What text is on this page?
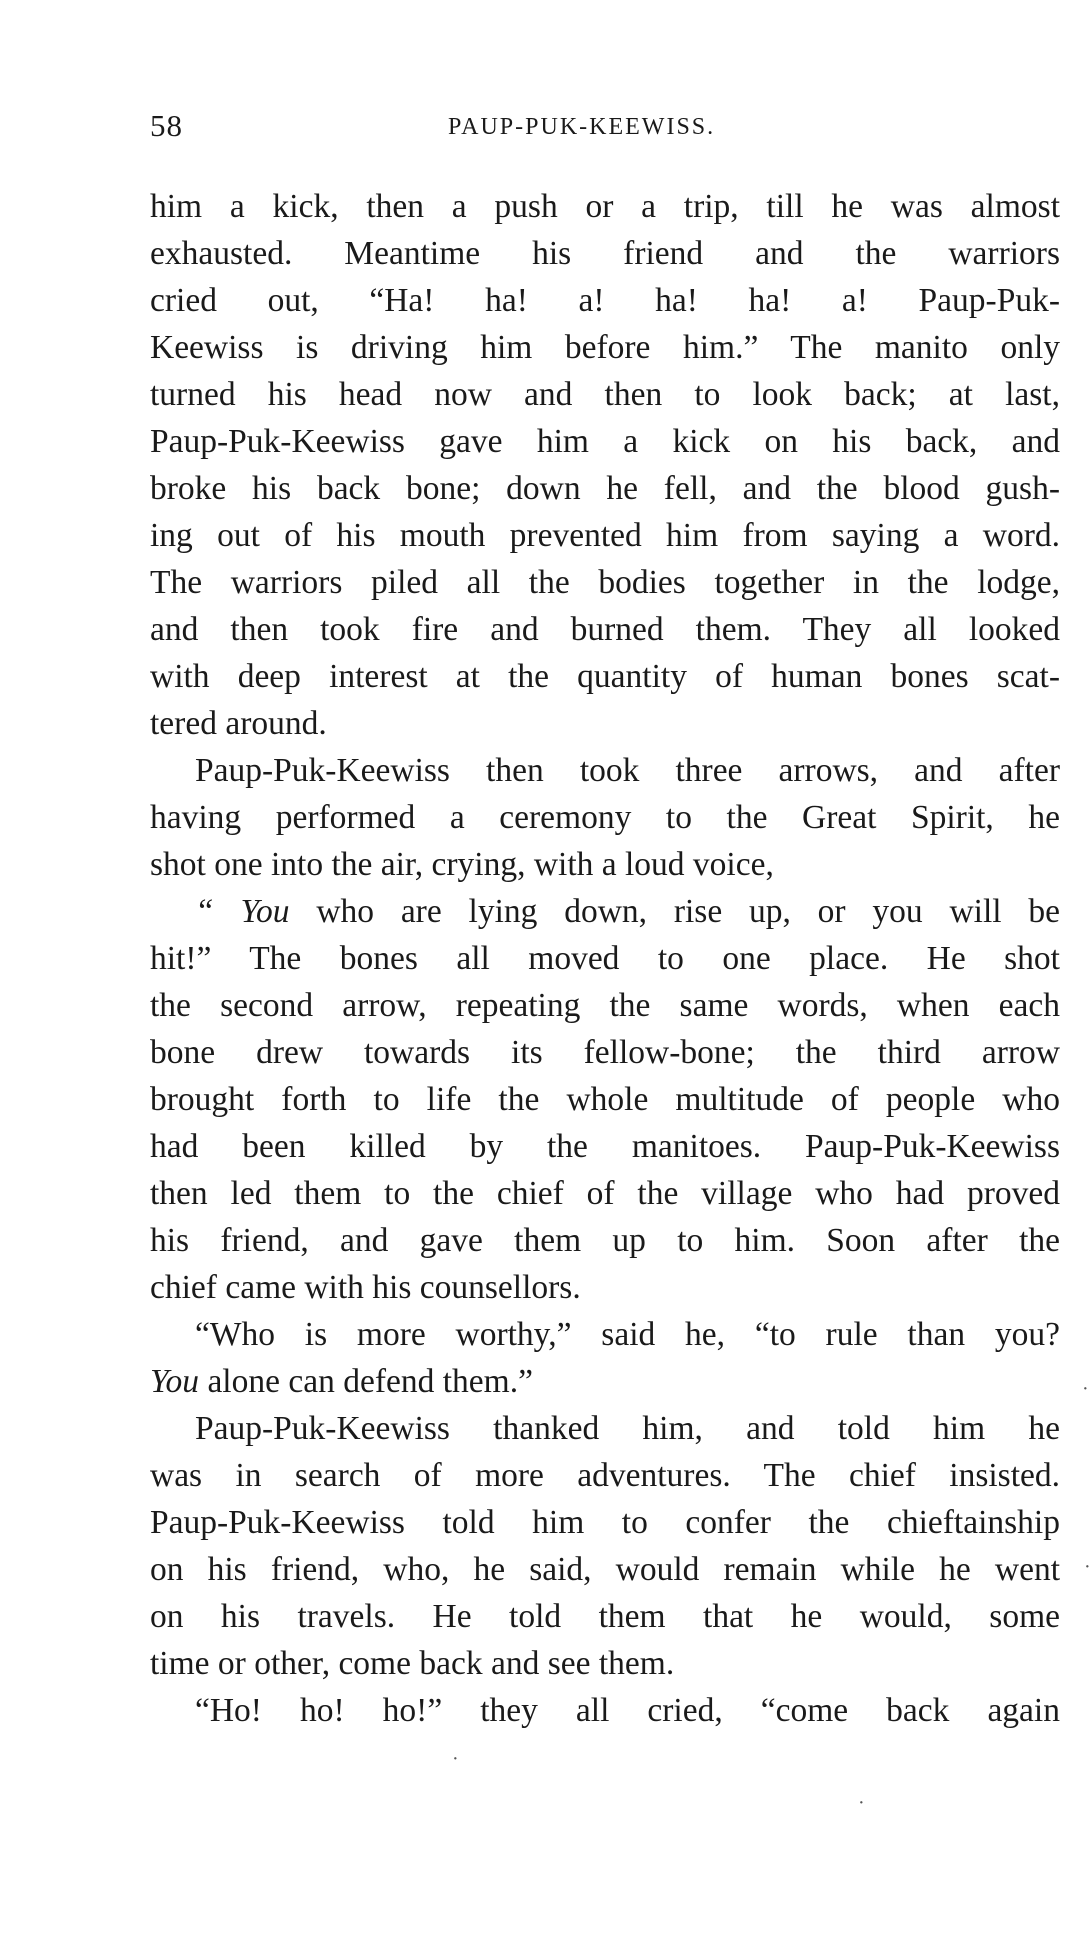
58	PAUP-PUK-KEEWISS.
him a kick, then a push or a trip, till he was almost
exhausted. Meantime his friend and the warriors
cried out, “Ha! ha! a! ha! ha! a! Paup-Puk-
Keewiss is driving him before him.” The manito only
turned his head now and then to look back; at last,
Paup-Puk-Keewiss gave him a kick on his back, and
broke his back bone; down he fell, and the blood gush-
ing out of his mouth prevented him from saying a word.
The warriors piled all the bodies together in the lodge,
and then took fire and burned them. They all looked
with deep interest at the quantity of human bones scat-
tered around.
Paup-Puk-Keewiss then took three arrows, and after
having performed a ceremony to the Great Spirit, he
shot one into the air, crying, with a loud voice,
“ You who are lying down, rise up, or you will be
hit!” The bones all moved to one place. He shot
the second arrow, repeating the same words, when each
bone drew towards its fellow-bone; the third arrow
brought forth to life the whole multitude of people who
had been killed by the manitoes. Paup-Puk-Keewiss
then led them to the chief of the village who had proved
his friend, and gave them up to him. Soon after the
chief came with his counsellors.
“Who is more worthy,” said he, “to rule than you?
You alone can defend them.”
Paup-Puk-Keewiss thanked him, and told him he
was in search of more adventures. The chief insisted.
Paup-Puk-Keewiss told him to confer the chieftainship
on his friend, who, he said, would remain while he went
on his travels. He told them that he would, some
time or other, come back and see them.
“Ho! ho! ho!” they all cried, “come back again
·
·
·
·
